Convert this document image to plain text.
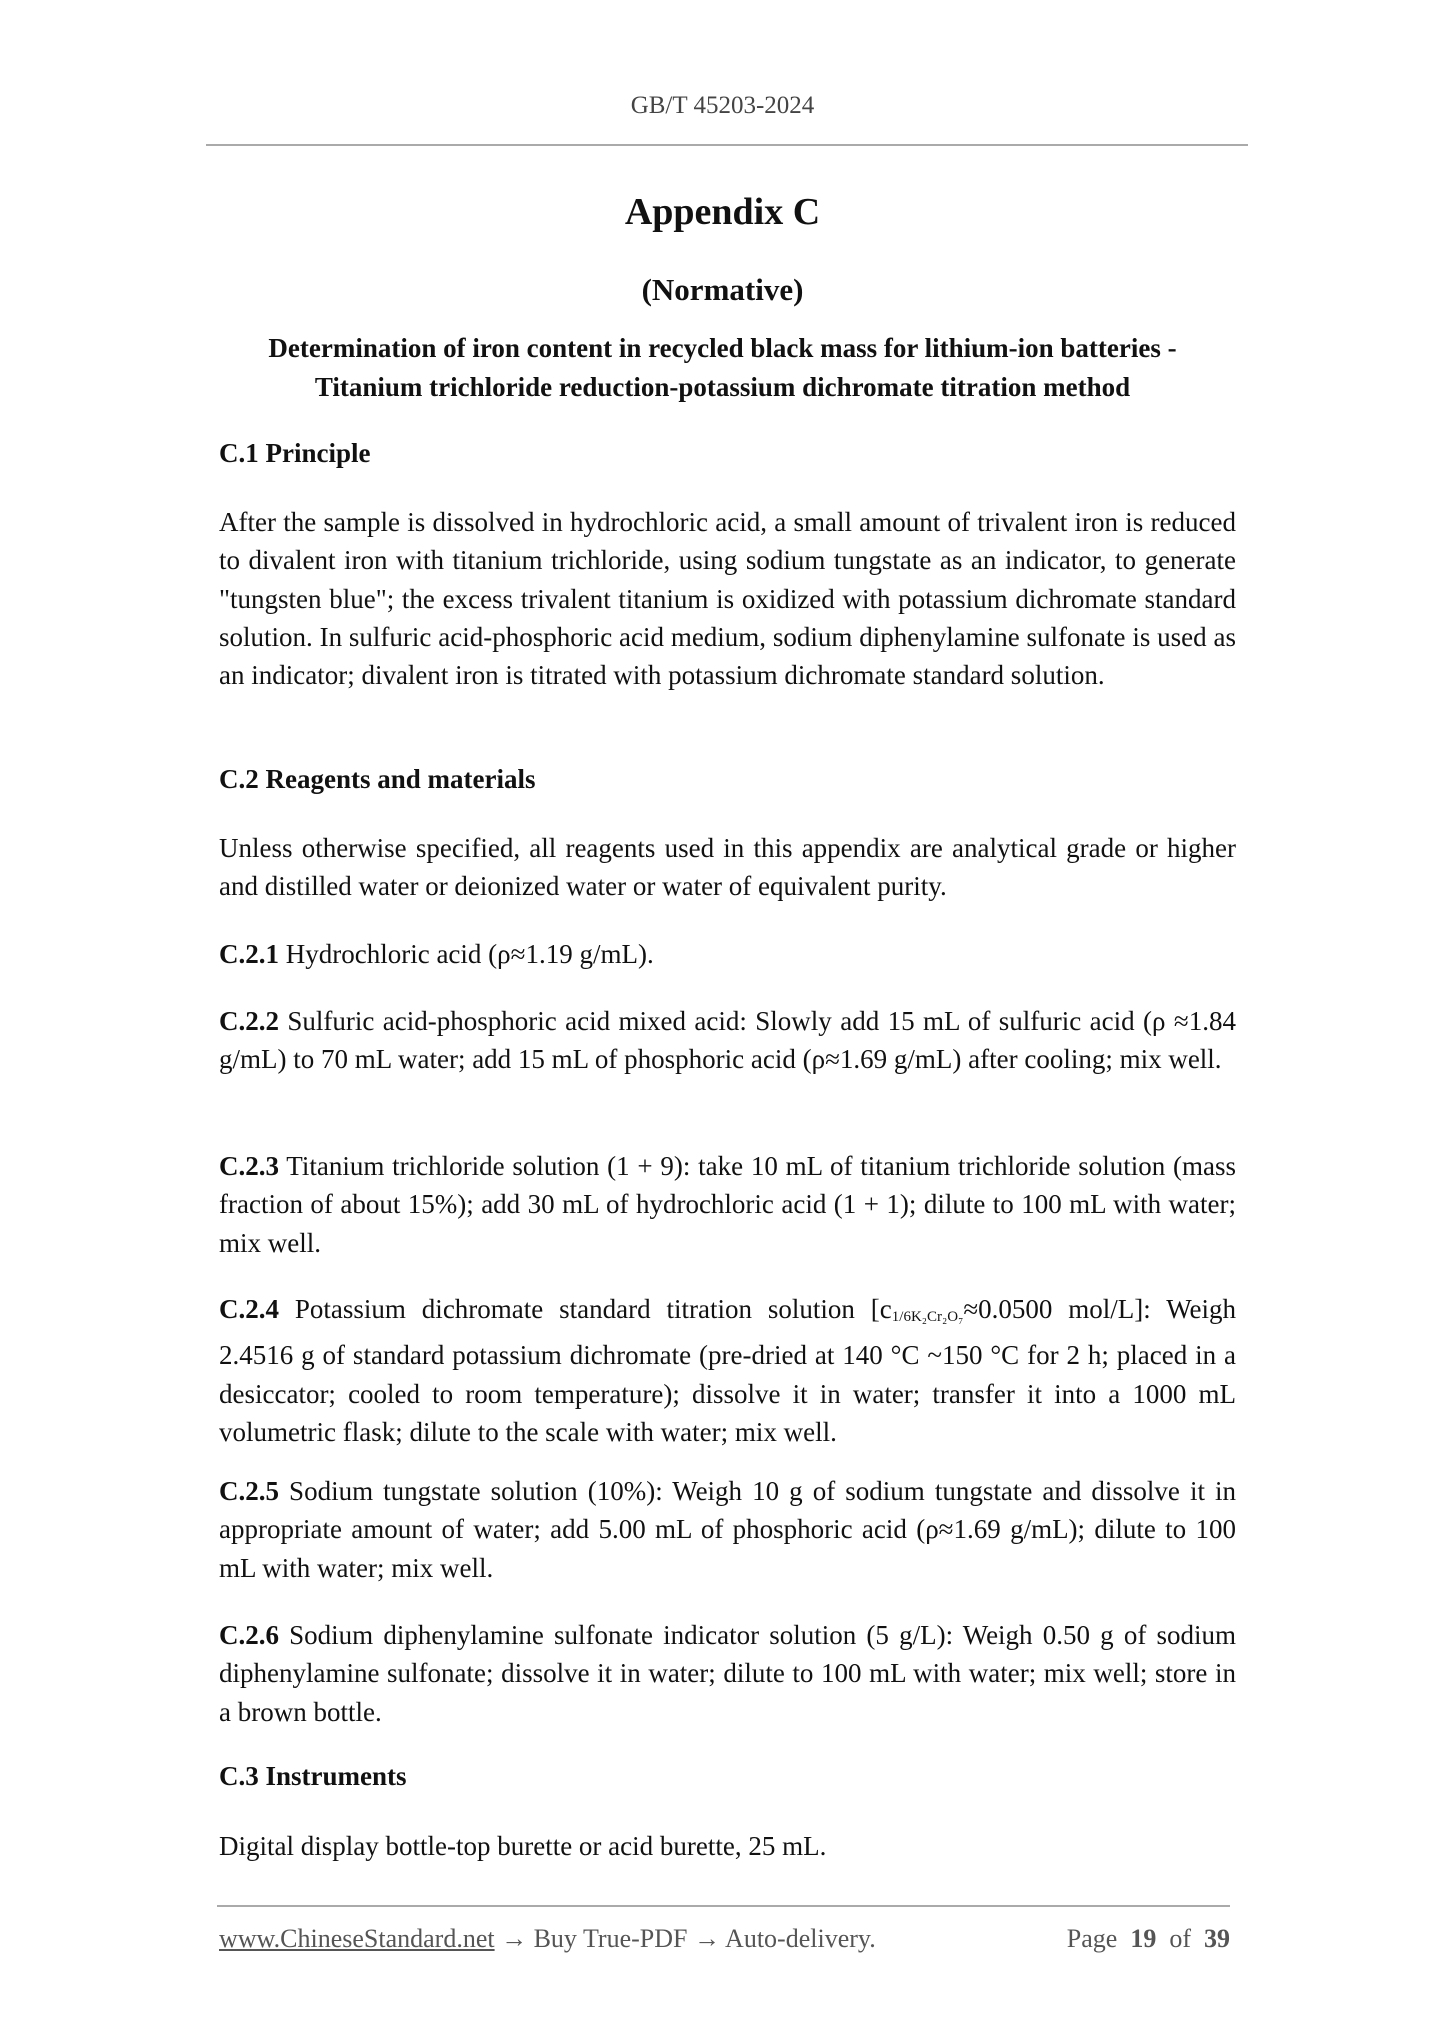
GB/T 45203-2024
Appendix C
(Normative)
Determination of iron content in recycled black mass for lithium-ion batteries -
Titanium trichloride reduction-potassium dichromate titration method
C.1 Principle
After the sample is dissolved in hydrochloric acid, a small amount of trivalent iron is reduced to divalent iron with titanium trichloride, using sodium tungstate as an indicator, to generate "tungsten blue"; the excess trivalent titanium is oxidized with potassium dichromate standard solution. In sulfuric acid-phosphoric acid medium, sodium diphenylamine sulfonate is used as an indicator; divalent iron is titrated with potassium dichromate standard solution.
C.2 Reagents and materials
Unless otherwise specified, all reagents used in this appendix are analytical grade or higher and distilled water or deionized water or water of equivalent purity.
C.2.1 Hydrochloric acid (ρ≈1.19 g/mL).
C.2.2 Sulfuric acid-phosphoric acid mixed acid: Slowly add 15 mL of sulfuric acid (ρ ≈1.84 g/mL) to 70 mL water; add 15 mL of phosphoric acid (ρ≈1.69 g/mL) after cooling; mix well.
C.2.3 Titanium trichloride solution (1 + 9): take 10 mL of titanium trichloride solution (mass fraction of about 15%); add 30 mL of hydrochloric acid (1 + 1); dilute to 100 mL with water; mix well.
C.2.4 Potassium dichromate standard titration solution [$c_{1/6K_2Cr_2O_7}\approx 0.0500$ mol/L]: Weigh 2.4516 g of standard potassium dichromate (pre-dried at 140 °C ~150 °C for 2 h; placed in a desiccator; cooled to room temperature); dissolve it in water; transfer it into a 1000 mL volumetric flask; dilute to the scale with water; mix well.
C.2.5 Sodium tungstate solution (10%): Weigh 10 g of sodium tungstate and dissolve it in appropriate amount of water; add 5.00 mL of phosphoric acid (ρ≈1.69 g/mL); dilute to 100 mL with water; mix well.
C.2.6 Sodium diphenylamine sulfonate indicator solution (5 g/L): Weigh 0.50 g of sodium diphenylamine sulfonate; dissolve it in water; dilute to 100 mL with water; mix well; store in a brown bottle.
C.3 Instruments
Digital display bottle-top burette or acid burette, 25 mL.
www.ChineseStandard.net → Buy True-PDF → Auto-delivery.	Page 19 of 39
